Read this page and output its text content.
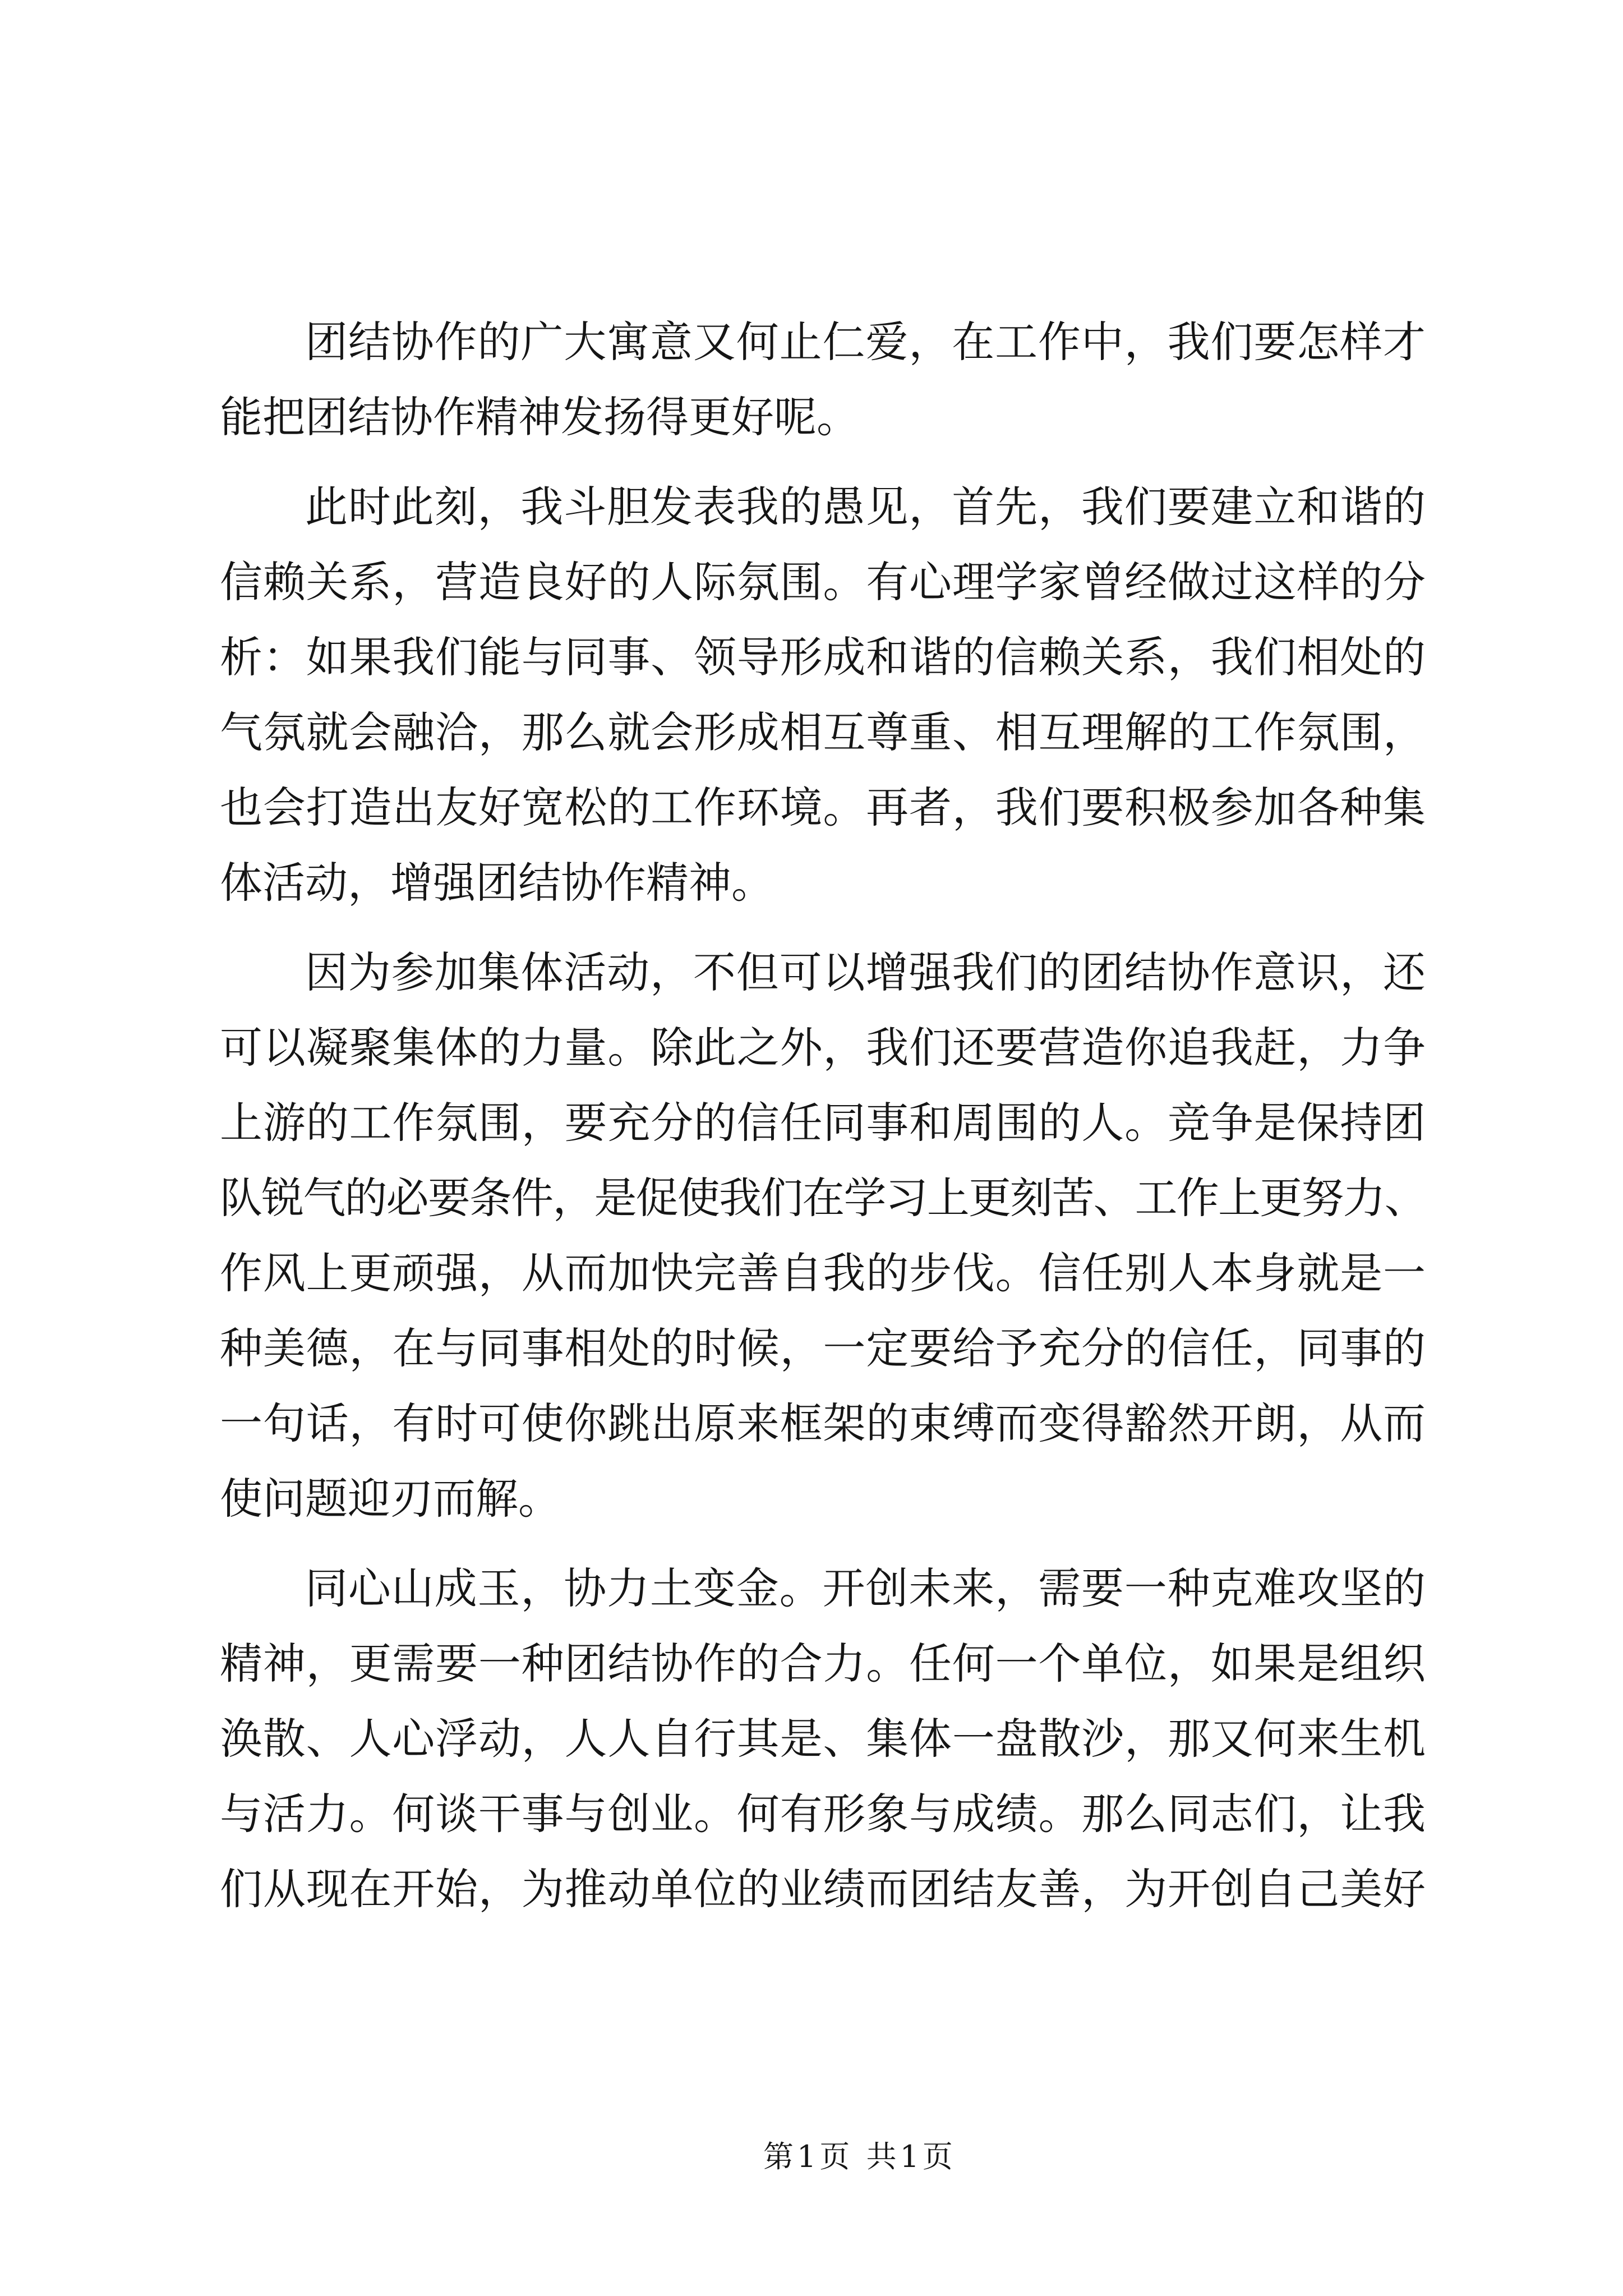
团结协作的广大寓意又何止仁爱，在工作中，我们要怎样才
能把团结协作精神发扬得更好呢。
此时此刻，我斗胆发表我的愚见，首先，我们要建立和谐的
信赖关系，营造良好的人际氛围。有心理学家曾经做过这样的分
析：如果我们能与同事、领导形成和谐的信赖关系，我们相处的
气氛就会融洽，那么就会形成相互尊重、相互理解的工作氛围，
也会打造出友好宽松的工作环境。再者，我们要积极参加各种集
体活动，增强团结协作精神。
因为参加集体活动，不但可以增强我们的团结协作意识，还
可以凝聚集体的力量。除此之外，我们还要营造你追我赶，力争
上游的工作氛围，要充分的信任同事和周围的人。竞争是保持团
队锐气的必要条件，是促使我们在学习上更刻苦、工作上更努力、
作风上更顽强，从而加快完善自我的步伐。信任别人本身就是一
种美德，在与同事相处的时候，一定要给予充分的信任，同事的
一句话，有时可使你跳出原来框架的束缚而变得豁然开朗，从而
使问题迎刃而解。
同心山成玉，协力土变金。开创未来，需要一种克难攻坚的
精神，更需要一种团结协作的合力。任何一个单位，如果是组织
涣散、人心浮动，人人自行其是、集体一盘散沙，那又何来生机
与活力。何谈干事与创业。何有形象与成绩。那么同志们，让我
们从现在开始，为推动单位的业绩而团结友善，为开创自己美好
第1页 共1页
